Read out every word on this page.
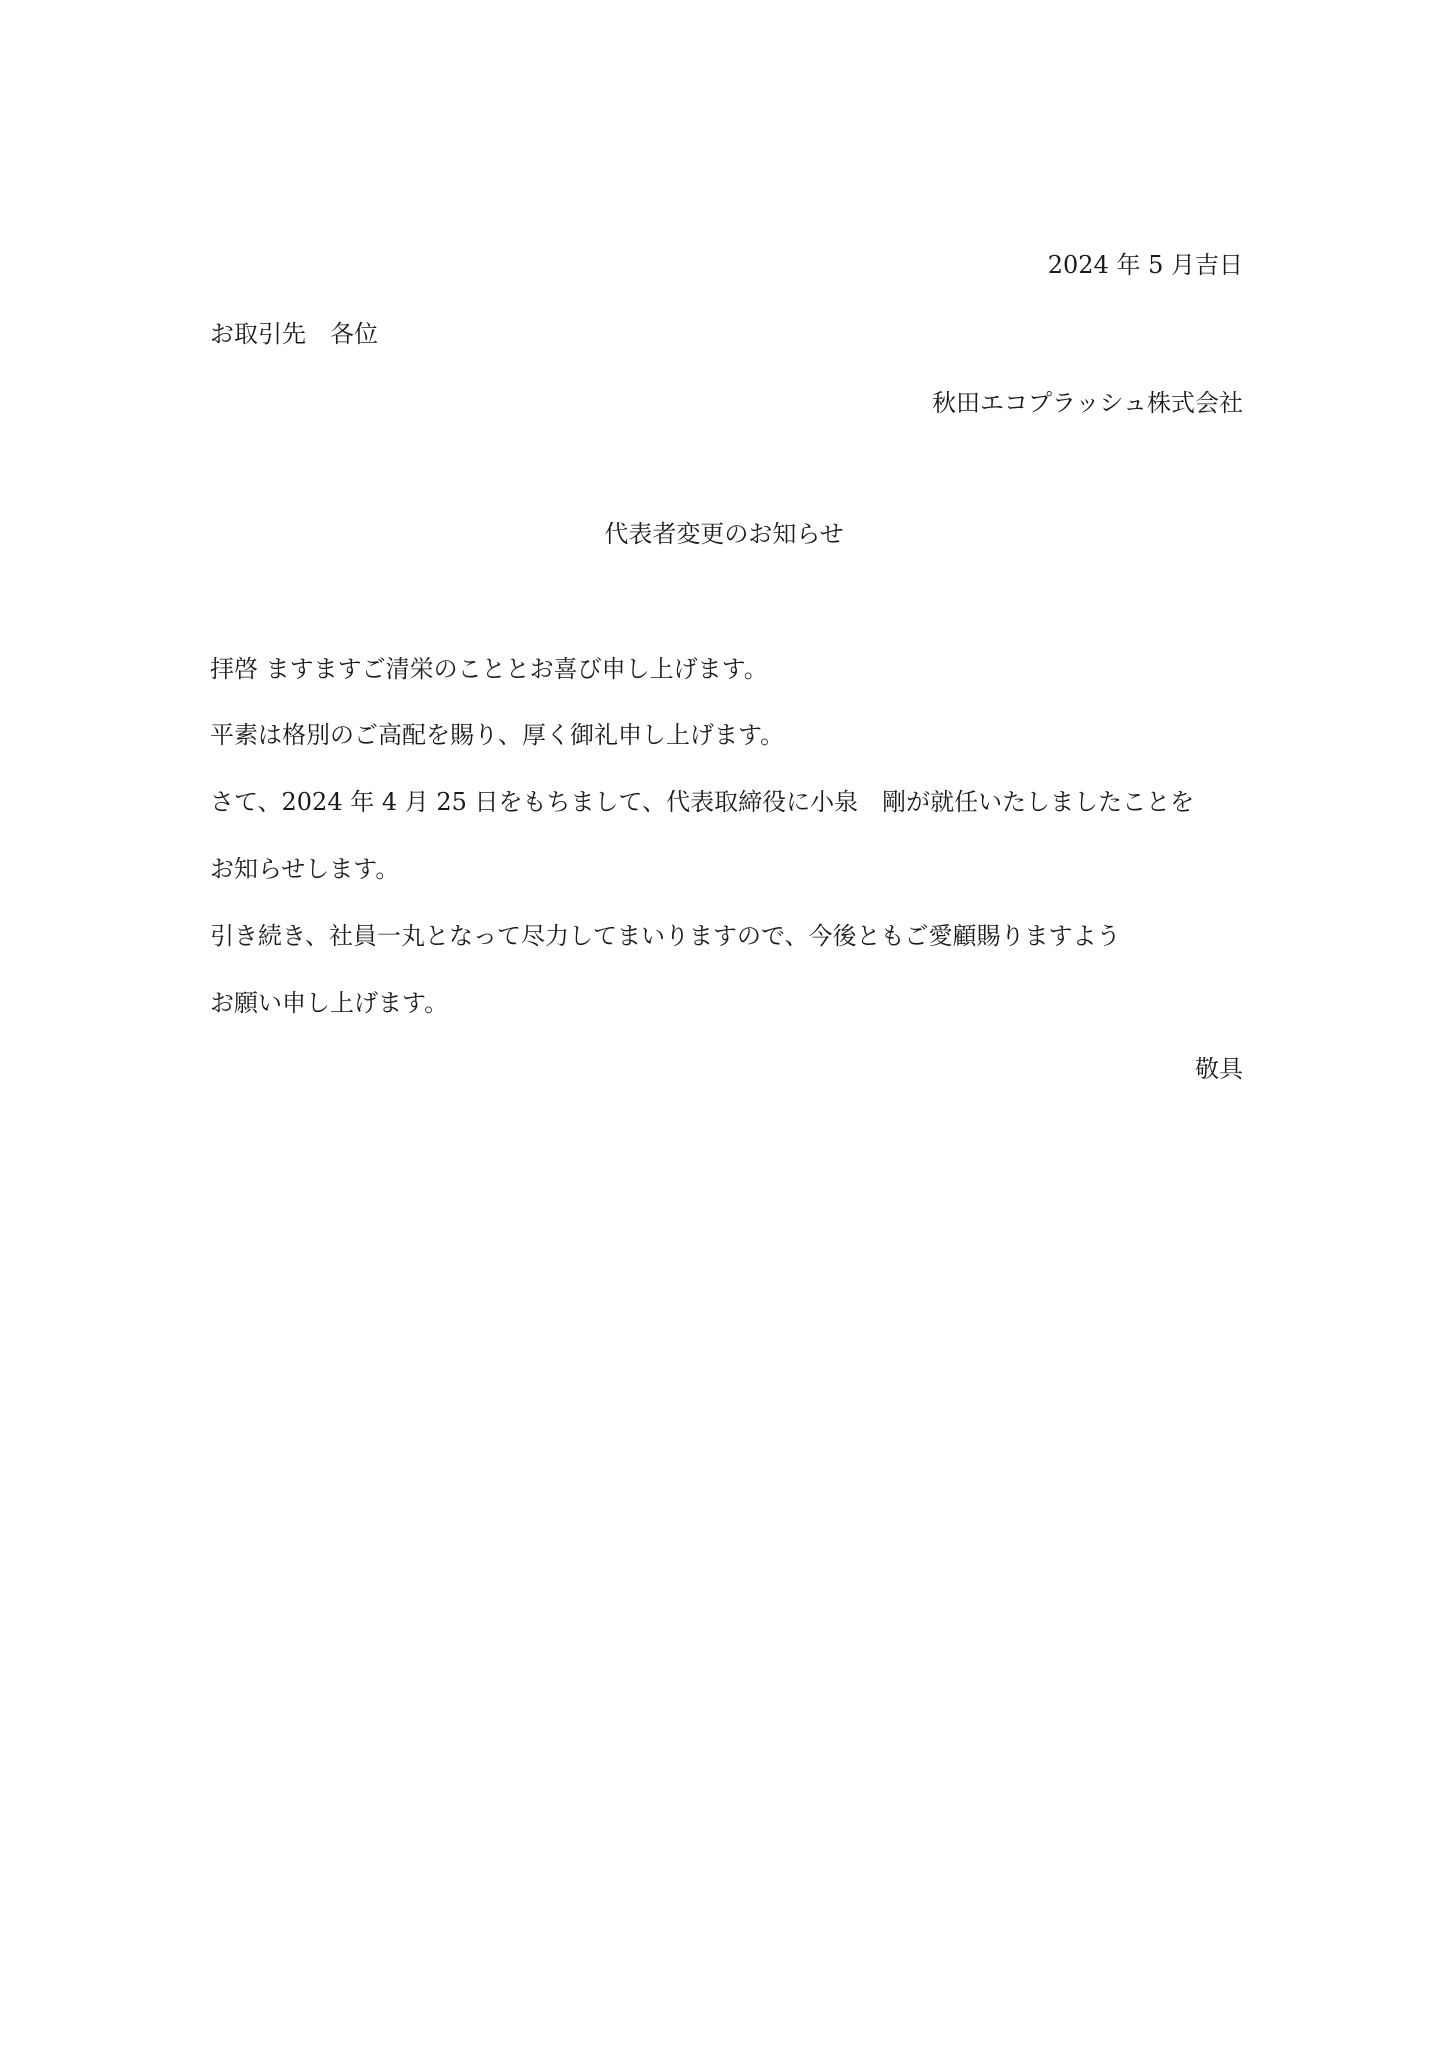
2024 年 5 月吉日
お取引先　各位
秋田エコプラッシュ株式会社
代表者変更のお知らせ
拝啓 ますますご清栄のこととお喜び申し上げます。
平素は格別のご高配を賜り、厚く御礼申し上げます。
さて、2024 年 4 月 25 日をもちまして、代表取締役に小泉　剛が就任いたしましたことを
お知らせします。
引き続き、社員一丸となって尽力してまいりますので、今後ともご愛顧賜りますよう
お願い申し上げます。
敬具
